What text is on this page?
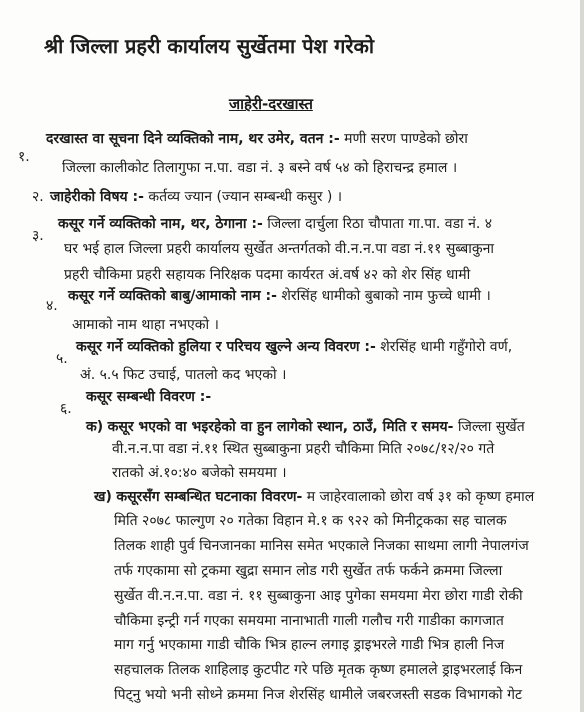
श्री जिल्ला प्रहरी कार्यालय सुर्खेतमा पेश गरेको
जाहेरी-दरखास्त
१.
दरखास्त वा सूचना दिने व्यक्तिको नाम, थर उमेर, वतन :- मणी सरण पाण्डेको छोरा
जिल्ला कालीकोट तिलागुफा न.पा. वडा नं. ३ बस्ने वर्ष ५४ को हिराचन्द्र हमाल ।
२. जाहेरीको विषय :- कर्तव्य ज्यान (ज्यान सम्बन्धी कसुर ) ।
३.
कसूर गर्ने व्यक्तिको नाम, थर, ठेगाना :- जिल्ला दार्चुला रिठा चौपाता गा.पा. वडा नं. ४
घर भई हाल जिल्ला प्रहरी कार्यालय सुर्खेत अन्तर्गतको वी.न.न.पा वडा नं.११ सुब्बाकुना
प्रहरी चौकिमा प्रहरी सहायक निरिक्षक पदमा कार्यरत अं.वर्ष ४२ को शेर सिंह धामी
४.
कसूर गर्ने व्यक्तिको बाबु/आमाको नाम :- शेरसिंह धामीको बुबाको नाम फुच्चे धामी ।
आमाको नाम थाहा नभएको ।
५.
कसूर गर्ने व्यक्तिको हुलिया र परिचय खुल्ने अन्य विवरण :- शेरसिंह धामी गहुँगोरो वर्ण,
अं. ५.५ फिट उचाई, पातलो कद भएको ।
६.
कसूर सम्बन्धी विवरण :-
क) कसूर भएको वा भइरहेको वा हुन लागेको स्थान, ठाउँ, मिति र समय- जिल्ला सुर्खेत
वी.न.न.पा वडा नं.११ स्थित सुब्बाकुना प्रहरी चौकिमा मिति २०७८/१२/२० गते
रातको अं.१०:४० बजेको समयमा ।
ख) कसूरसँग सम्बन्धित घटनाका विवरण- म जाहेरवालाको छोरा वर्ष ३१ को कृष्ण हमाल
मिति २०७८ फाल्गुण २० गतेका विहान मे.१ क ९२२ को मिनीट्रकका सह चालक
तिलक शाही पुर्व चिनजानका मानिस समेत भएकाले निजका साथमा लागी नेपालगंज
तर्फ गएकामा सो ट्रकमा खुद्रा समान लोड गरी सुर्खेत तर्फ फर्कने क्रममा जिल्ला
सुर्खेत वी.न.न.पा. वडा नं. ११ सुब्बाकुना आइ पुगेका समयमा मेरा छोरा गाडी रोकी
चौकिमा इन्ट्री गर्न गएका समयमा नानाभाती गाली गलौच गरी गाडीका कागजात
माग गर्नु भएकामा गाडी चौकि भित्र हाल्न लगाइ ड्राइभरले गाडी भित्र हाली निज
सहचालक तिलक शाहिलाइ कुटपीट गरे पछि मृतक कृष्ण हमालले ड्राइभरलाई किन
पिट्नु भयो भनी सोध्ने क्रममा निज शेरसिंह धामीले जबरजस्ती सडक विभागको गेट
